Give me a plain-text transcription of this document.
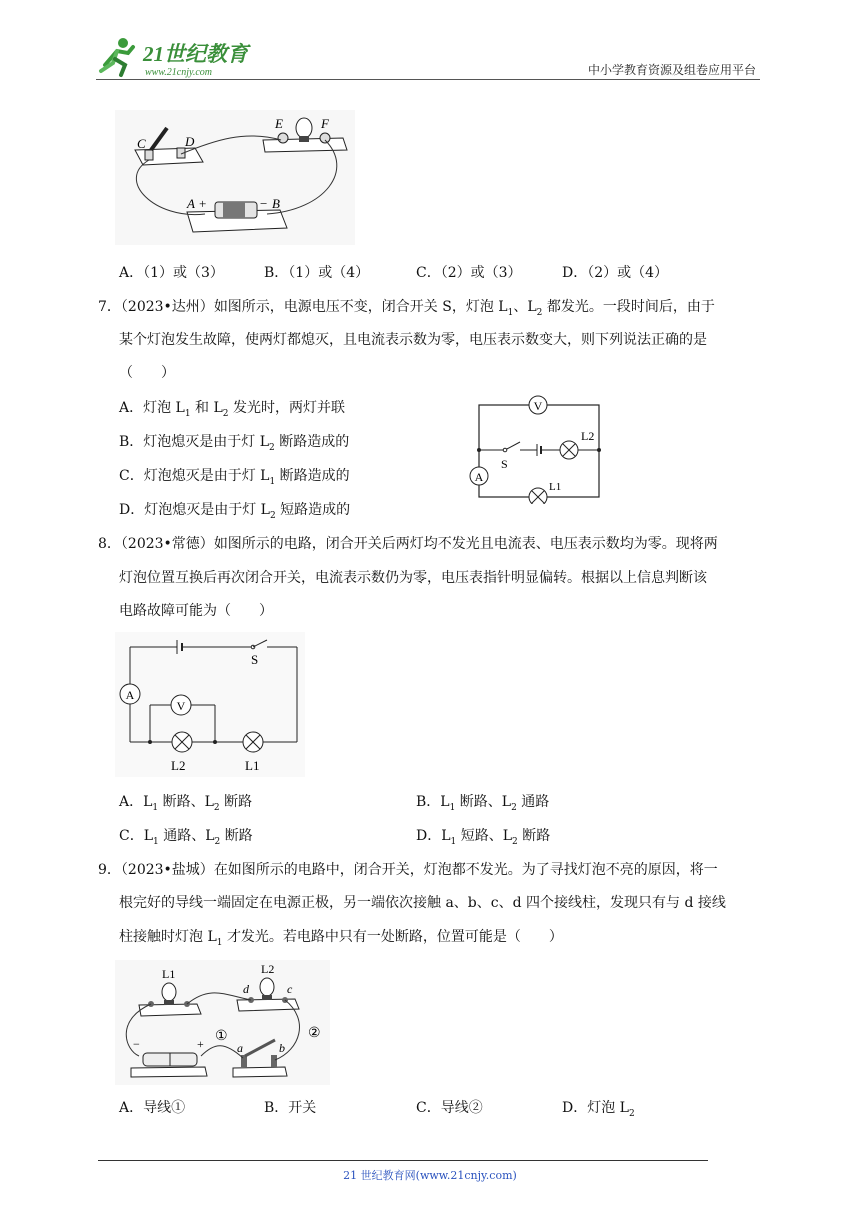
21世纪教育
www.21cnjy.com	中小学教育资源及组卷应用平台
C	D
E	F
A +	− B
A．（1）或（3）	B．（1）或（4）	C．（2）或（3）	D．（2）或（4）
7．（2023•达州）如图所示，电源电压不变，闭合开关 S，灯泡 $L_1$、$L_2$ 都发光。一段时间后，由于
某个灯泡发生故障，使两灯都熄灭，且电流表示数为零，电压表示数变大，则下列说法正确的是
（　　）
A．灯泡 $L_1$ 和 $L_2$ 发光时，两灯并联
B．灯泡熄灭是由于灯 $L_2$ 断路造成的
C．灯泡熄灭是由于灯 $L_1$ 断路造成的
D．灯泡熄灭是由于灯 $L_2$ 短路造成的
V
A
S
L2
L1
8．（2023•常德）如图所示的电路，闭合开关后两灯均不发光且电流表、电压表示数均为零。现将两
灯泡位置互换后再次闭合开关，电流表示数仍为零，电压表指针明显偏转。根据以上信息判断该
电路故障可能为（　　）
S
A
V
L2	L1
A．$L_1$ 断路、$L_2$ 断路	B．$L_1$ 断路、$L_2$ 通路
C．$L_1$ 通路、$L_2$ 断路	D．$L_1$ 短路、$L_2$ 断路
9．（2023•盐城）在如图所示的电路中，闭合开关，灯泡都不发光。为了寻找灯泡不亮的原因，将一
根完好的导线一端固定在电源正极，另一端依次接触 a、b、c、d 四个接线柱，发现只有与 d 接线
柱接触时灯泡 $L_1$ 才发光。若电路中只有一处断路，位置可能是（　　）
L1	L2
d	c
−	+	a	b
①	②
A．导线①	B．开关	C．导线②	D．灯泡 $L_2$
21 世纪教育网(www.21cnjy.com)
